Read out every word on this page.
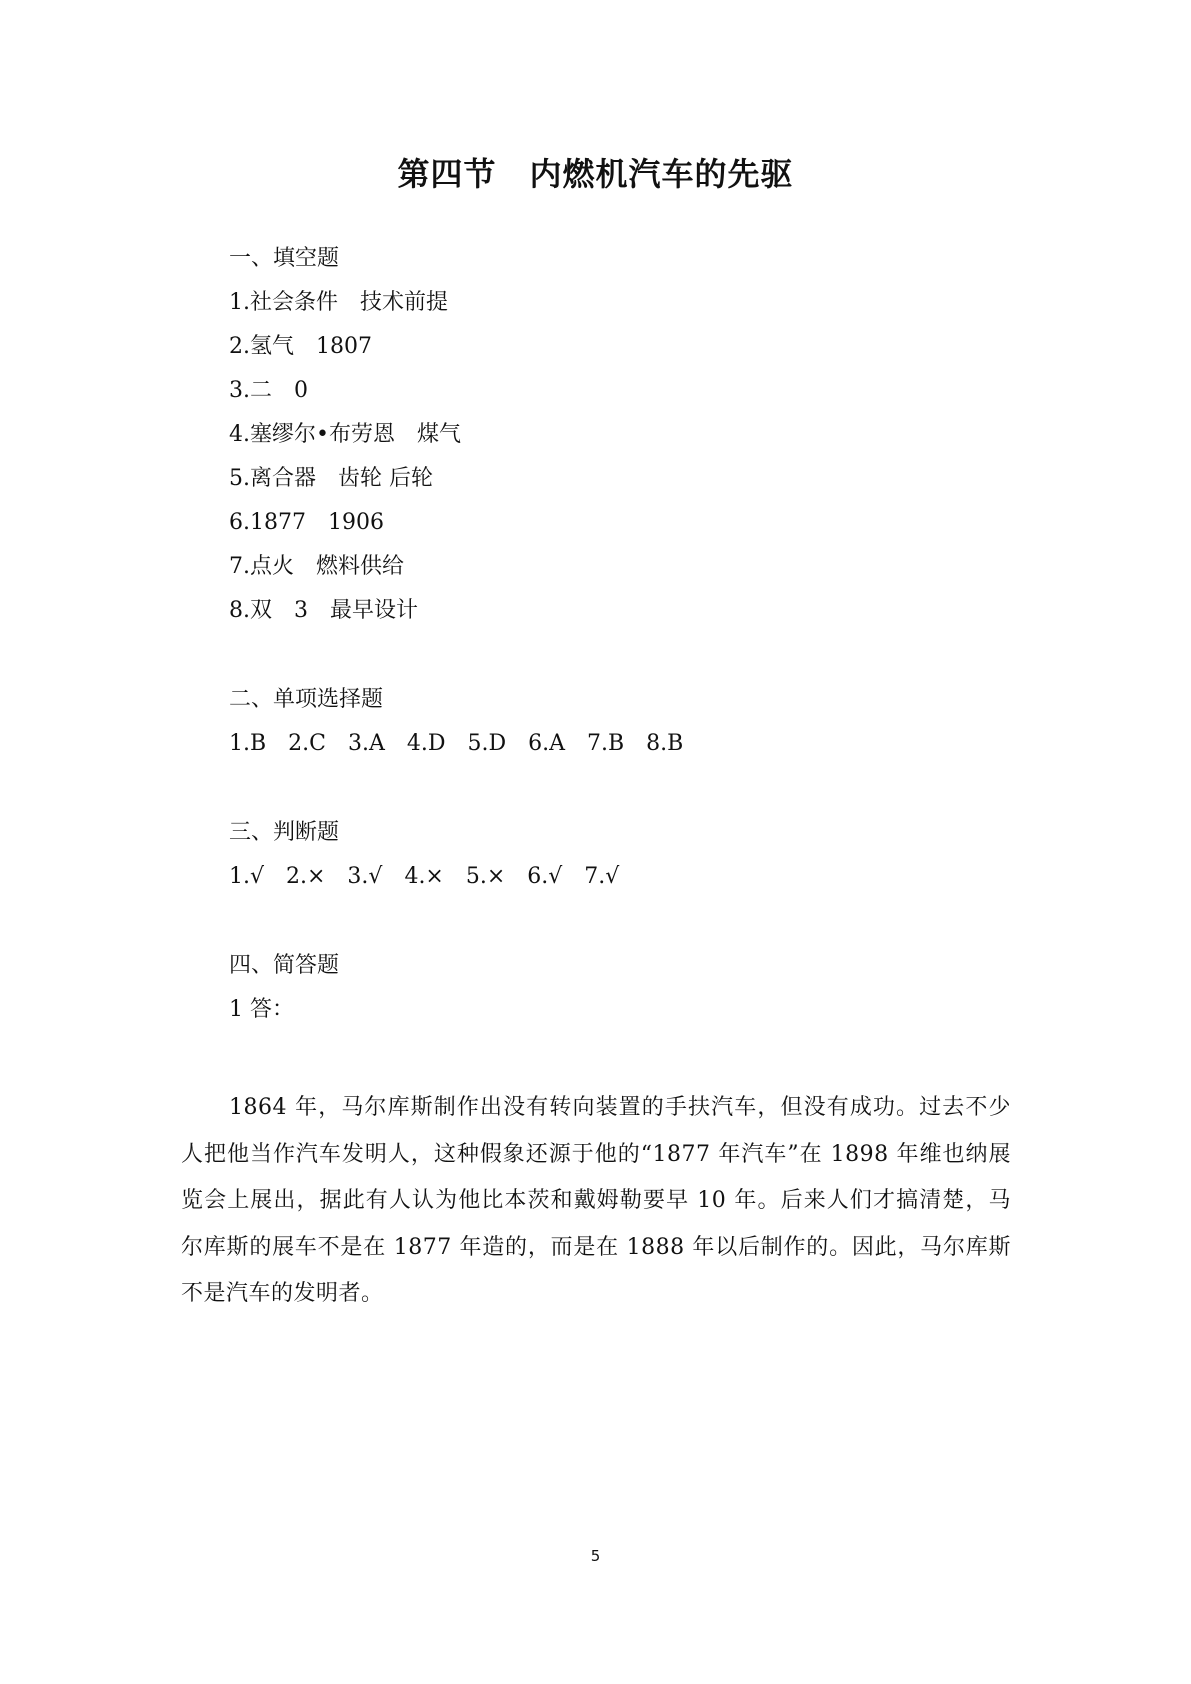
第四节　内燃机汽车的先驱
一、填空题
1.社会条件　技术前提
2.氢气　1807
3.二　0
4.塞缪尔•布劳恩　煤气
5.离合器　齿轮 后轮
6.1877　1906
7.点火　燃料供给
8.双　3　最早设计
二、单项选择题
1.B　2.C　3.A　4.D　5.D　6.A　7.B　8.B
三、判断题
1.√　2.×　3.√　4.×　5.×　6.√　7.√
四、简答题
1 答：
1864 年，马尔库斯制作出没有转向装置的手扶汽车，但没有成功。过去不少人把他当作汽车发明人，这种假象还源于他的“1877 年汽车”在 1898 年维也纳展览会上展出，据此有人认为他比本茨和戴姆勒要早 10 年。后来人们才搞清楚，马尔库斯的展车不是在 1877 年造的，而是在 1888 年以后制作的。因此，马尔库斯不是汽车的发明者。
5
